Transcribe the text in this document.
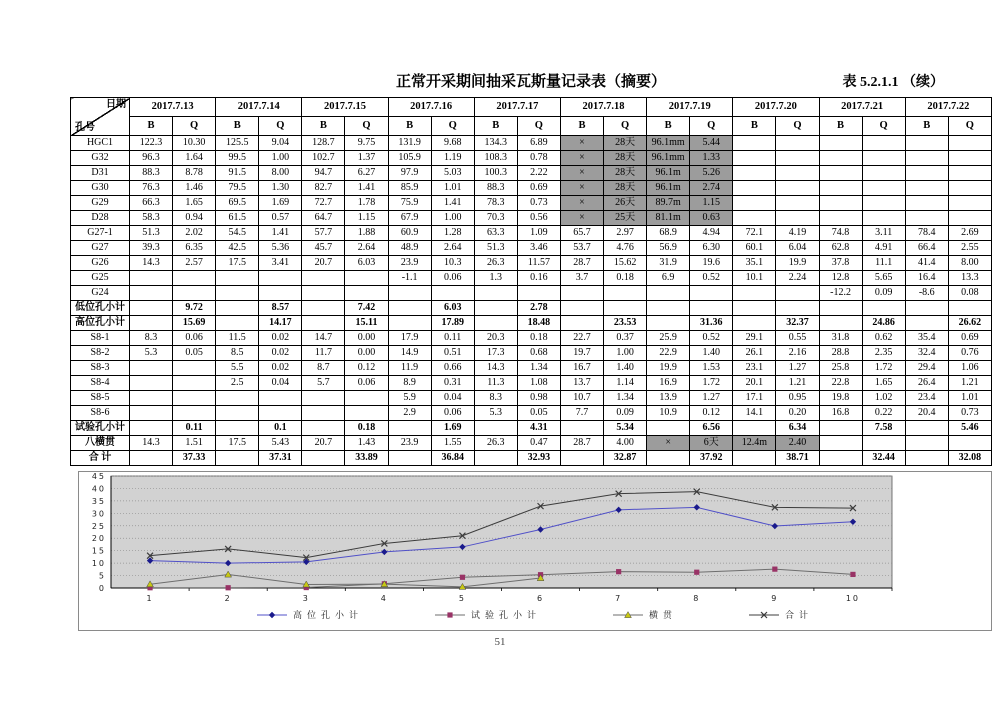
正常开采期间抽采瓦斯量记录表（摘要）	表 5.2.1.1 （续）
日期
孔号	2017.7.13		2017.7.14		2017.7.15		2017.7.16		2017.7.17		2017.7.18		2017.7.19		2017.7.20		2017.7.21		2017.7.22	
	B	Q	B	Q	B	Q	B	Q	B	Q	B	Q	B	Q	B	Q	B	Q	B	Q
HGC1	122.3	10.30	125.5	9.04	128.7	9.75	131.9	9.68	134.3	6.89	×	28天	96.1mm	5.44						
G32	96.3	1.64	99.5	1.00	102.7	1.37	105.9	1.19	108.3	0.78	×	28天	96.1mm	1.33						
D31	88.3	8.78	91.5	8.00	94.7	6.27	97.9	5.03	100.3	2.22	×	28天	96.1m	5.26						
G30	76.3	1.46	79.5	1.30	82.7	1.41	85.9	1.01	88.3	0.69	×	28天	96.1m	2.74						
G29	66.3	1.65	69.5	1.69	72.7	1.78	75.9	1.41	78.3	0.73	×	26天	89.7m	1.15						
D28	58.3	0.94	61.5	0.57	64.7	1.15	67.9	1.00	70.3	0.56	×	25天	81.1m	0.63						
G27-1	51.3	2.02	54.5	1.41	57.7	1.88	60.9	1.28	63.3	1.09	65.7	2.97	68.9	4.94	72.1	4.19	74.8	3.11	78.4	2.69
G27	39.3	6.35	42.5	5.36	45.7	2.64	48.9	2.64	51.3	3.46	53.7	4.76	56.9	6.30	60.1	6.04	62.8	4.91	66.4	2.55
G26	14.3	2.57	17.5	3.41	20.7	6.03	23.9	10.3	26.3	11.57	28.7	15.62	31.9	19.6	35.1	19.9	37.8	11.1	41.4	8.00
G25							-1.1	0.06	1.3	0.16	3.7	0.18	6.9	0.52	10.1	2.24	12.8	5.65	16.4	13.3
G24																	-12.2	0.09	-8.6	0.08
低位孔小计		9.72		8.57		7.42		6.03		2.78										
高位孔小计		15.69		14.17		15.11		17.89		18.48		23.53		31.36		32.37		24.86		26.62
S8-1	8.3	0.06	11.5	0.02	14.7	0.00	17.9	0.11	20.3	0.18	22.7	0.37	25.9	0.52	29.1	0.55	31.8	0.62	35.4	0.69
S8-2	5.3	0.05	8.5	0.02	11.7	0.00	14.9	0.51	17.3	0.68	19.7	1.00	22.9	1.40	26.1	2.16	28.8	2.35	32.4	0.76
S8-3			5.5	0.02	8.7	0.12	11.9	0.66	14.3	1.34	16.7	1.40	19.9	1.53	23.1	1.27	25.8	1.72	29.4	1.06
S8-4			2.5	0.04	5.7	0.06	8.9	0.31	11.3	1.08	13.7	1.14	16.9	1.72	20.1	1.21	22.8	1.65	26.4	1.21
S8-5							5.9	0.04	8.3	0.98	10.7	1.34	13.9	1.27	17.1	0.95	19.8	1.02	23.4	1.01
S8-6							2.9	0.06	5.3	0.05	7.7	0.09	10.9	0.12	14.1	0.20	16.8	0.22	20.4	0.73
试验孔小计		0.11		0.1		0.18		1.69		4.31		5.34		6.56		6.34		7.58		5.46
八横贯	14.3	1.51	17.5	5.43	20.7	1.43	23.9	1.55	26.3	0.47	28.7	4.00	×	6天	12.4m	2.40				
合 计		37.33		37.31		33.89		36.84		32.93		32.87		37.92		38.71		32.44		32.08
0
5
10
15
20
25
30
35
40
45
1	2	3	4	5	6	7	8	9	10
高位孔小计	试验孔小计	横贯	合计
51
